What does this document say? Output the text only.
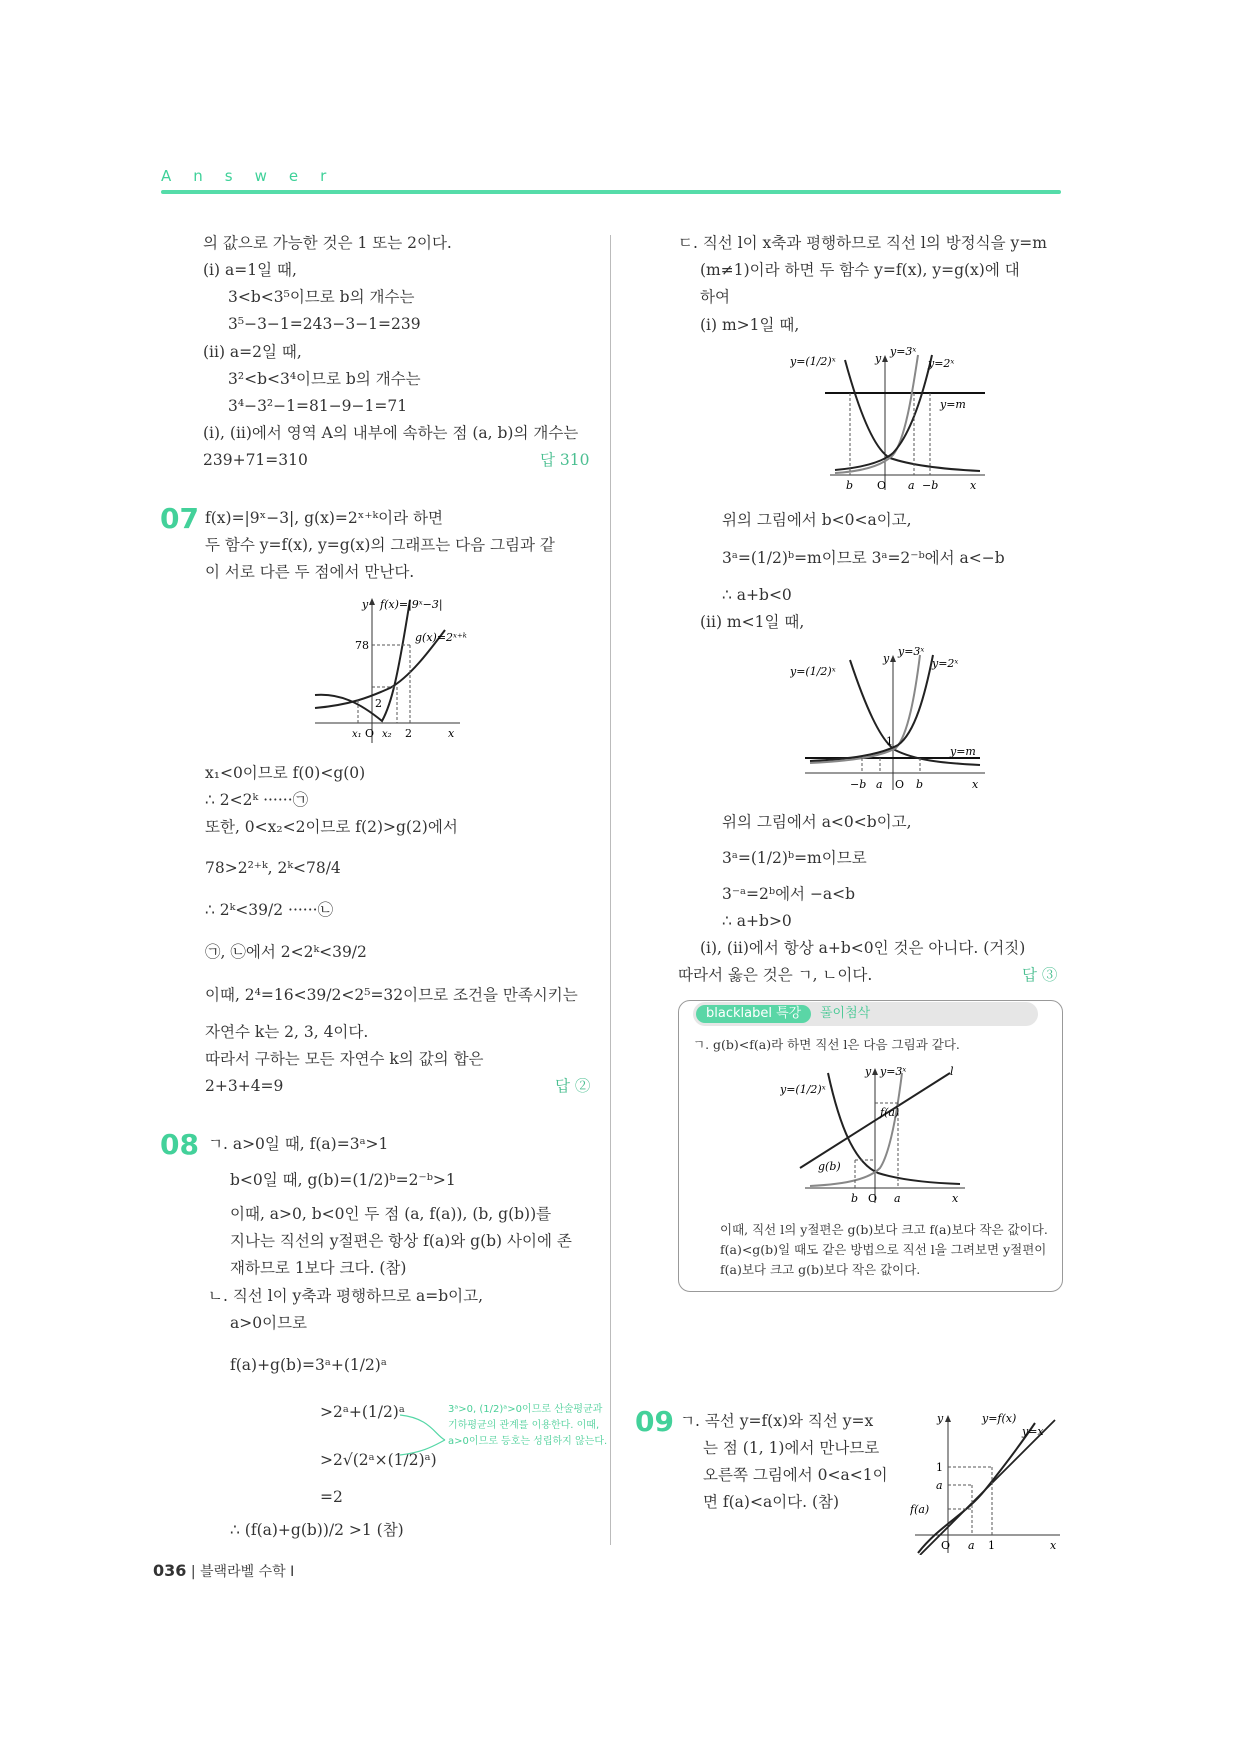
Answer
의 값으로 가능한 것은 1 또는 2이다.
(i) a=1일 때,
3<b<3⁵이므로 b의 개수는
3⁵−3−1=243−3−1=239
(ii) a=2일 때,
3²<b<3⁴이므로 b의 개수는
3⁴−3²−1=81−9−1=71
(i), (ii)에서 영역 A의 내부에 속하는 점 (a, b)의 개수는
239+71=310	답 310
07 f(x)=|9ˣ−3|, g(x)=2ˣ⁺ᵏ이라 하면
두 함수 y=f(x), y=g(x)의 그래프는 다음 그림과 같
이 서로 다른 두 점에서 만난다.
y f(x)=|9ˣ−3|
g(x)=2ˣ⁺ᵏ
78
2
x₁ O x₂ 2	x
x₁<0이므로 f(0)<g(0)
∴ 2<2ᵏ ······㉠
또한, 0<x₂<2이므로 f(2)>g(2)에서
78>2²⁺ᵏ, 2ᵏ<78/4
∴ 2ᵏ<39/2 ······㉡
㉠, ㉡에서 2<2ᵏ<39/2
이때, 2⁴=16<39/2<2⁵=32이므로 조건을 만족시키는
자연수 k는 2, 3, 4이다.
따라서 구하는 모든 자연수 k의 값의 합은
2+3+4=9	답 ②
08 ㄱ. a>0일 때, f(a)=3ᵃ>1
b<0일 때, g(b)=(1/2)ᵇ=2⁻ᵇ>1
이때, a>0, b<0인 두 점 (a, f(a)), (b, g(b))를
지나는 직선의 y절편은 항상 f(a)와 g(b) 사이에 존
재하므로 1보다 크다. (참)
ㄴ. 직선 l이 y축과 평행하므로 a=b이고,
a>0이므로
f(a)+g(b)=3ᵃ+(1/2)ᵃ
>2ᵃ+(1/2)ᵃ
>2√(2ᵃ×(1/2)ᵃ)
=2
∴ (f(a)+g(b))/2 >1 (참)
3ᵃ>0, (1/2)ᵃ>0이므로 산술평균과
기하평균의 관계를 이용한다. 이때,
a>0이므로 등호는 성립하지 않는다.
ㄷ. 직선 l이 x축과 평행하므로 직선 l의 방정식을 y=m
(m≠1)이라 하면 두 함수 y=f(x), y=g(x)에 대
하여
(i) m>1일 때,
y=(1/2)ˣ	y
y=3ˣ
y=2ˣ
y=m
b O a −b	x
위의 그림에서 b<0<a이고,
3ᵃ=(1/2)ᵇ=m이므로 3ᵃ=2⁻ᵇ에서 a<−b
∴ a+b<0
(ii) m<1일 때,
y=(1/2)ˣ
y
y=3ˣ
y=2ˣ
1
y=m
−b a O b	x
위의 그림에서 a<0<b이고,
3ᵃ=(1/2)ᵇ=m이므로
3⁻ᵃ=2ᵇ에서 −a<b
∴ a+b>0
(i), (ii)에서 항상 a+b<0인 것은 아니다. (거짓)
따라서 옳은 것은 ㄱ, ㄴ이다.	답 ③
blacklabel 특강	풀이첨삭
ㄱ. g(b)<f(a)라 하면 직선 l은 다음 그림과 같다.
y=(1/2)ˣ
y y=3ˣ	l
f(a)
g(b)
b O a	x
이때, 직선 l의 y절편은 g(b)보다 크고 f(a)보다 작은 값이다.
f(a)<g(b)일 때도 같은 방법으로 직선 l을 그려보면 y절편이
f(a)보다 크고 g(b)보다 작은 값이다.
09 ㄱ. 곡선 y=f(x)와 직선 y=x
는 점 (1, 1)에서 만나므로
오른쪽 그림에서 0<a<1이
면 f(a)<a이다. (참)
y	y=f(x)
y=x
1
a
f(a)
O a 1	x
036 | 블랙라벨 수학 I
